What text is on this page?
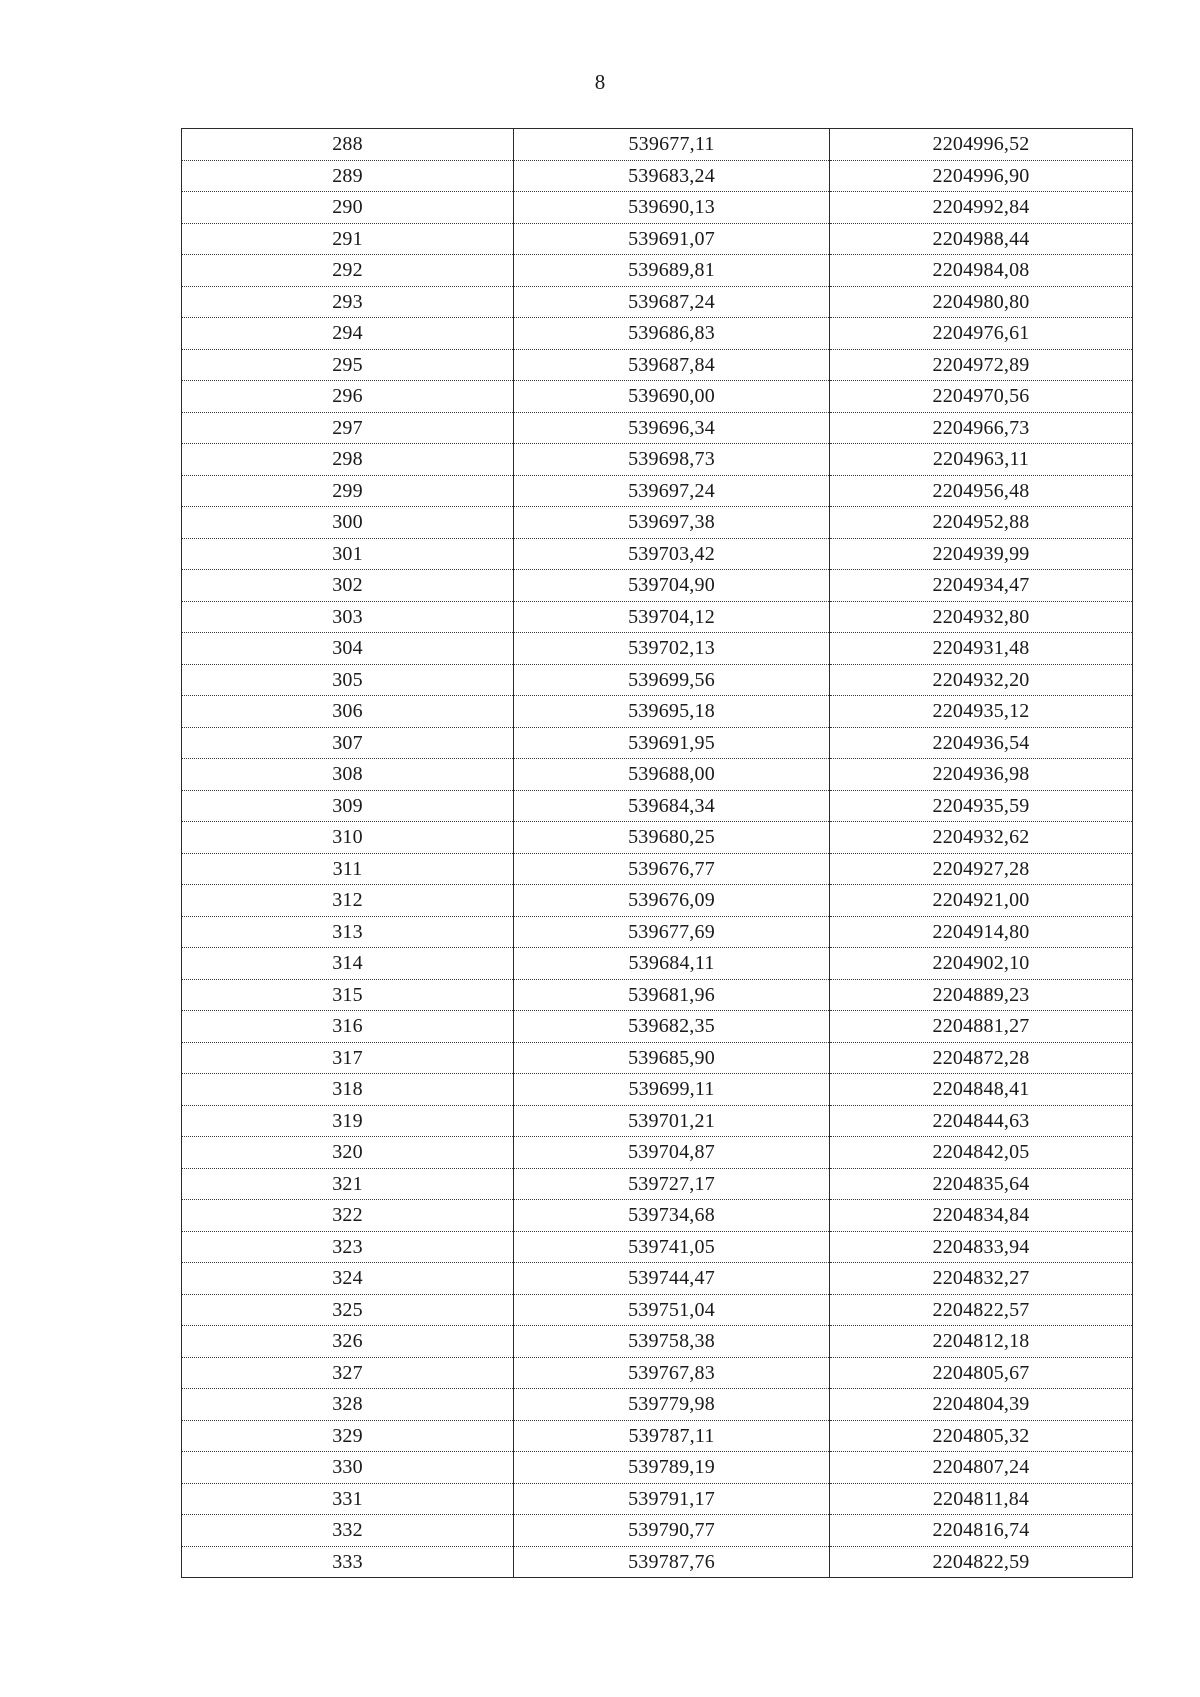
8
288	539677,11	2204996,52
289	539683,24	2204996,90
290	539690,13	2204992,84
291	539691,07	2204988,44
292	539689,81	2204984,08
293	539687,24	2204980,80
294	539686,83	2204976,61
295	539687,84	2204972,89
296	539690,00	2204970,56
297	539696,34	2204966,73
298	539698,73	2204963,11
299	539697,24	2204956,48
300	539697,38	2204952,88
301	539703,42	2204939,99
302	539704,90	2204934,47
303	539704,12	2204932,80
304	539702,13	2204931,48
305	539699,56	2204932,20
306	539695,18	2204935,12
307	539691,95	2204936,54
308	539688,00	2204936,98
309	539684,34	2204935,59
310	539680,25	2204932,62
311	539676,77	2204927,28
312	539676,09	2204921,00
313	539677,69	2204914,80
314	539684,11	2204902,10
315	539681,96	2204889,23
316	539682,35	2204881,27
317	539685,90	2204872,28
318	539699,11	2204848,41
319	539701,21	2204844,63
320	539704,87	2204842,05
321	539727,17	2204835,64
322	539734,68	2204834,84
323	539741,05	2204833,94
324	539744,47	2204832,27
325	539751,04	2204822,57
326	539758,38	2204812,18
327	539767,83	2204805,67
328	539779,98	2204804,39
329	539787,11	2204805,32
330	539789,19	2204807,24
331	539791,17	2204811,84
332	539790,77	2204816,74
333	539787,76	2204822,59
